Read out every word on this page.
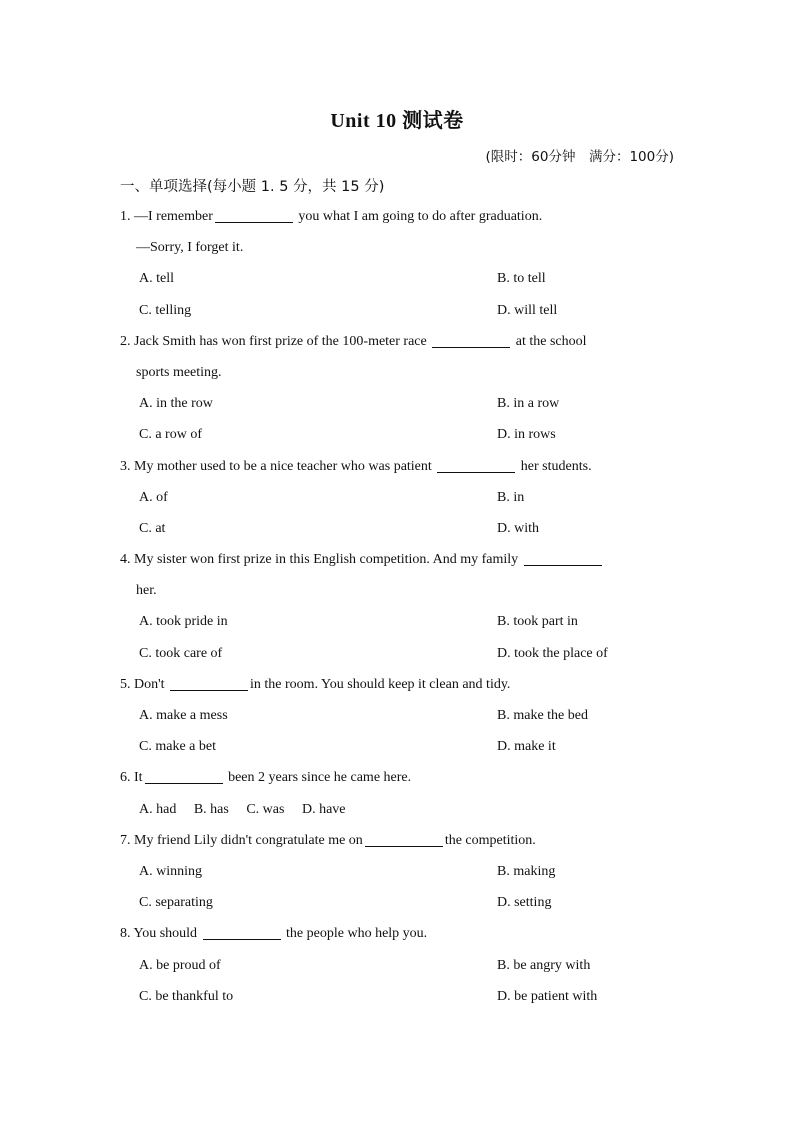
Unit 10 测试卷
(限时：60分钟　满分：100分)
一、单项选择(每小题 1. 5 分，共 15 分)
1. —I remember	you what I am going to do after graduation.
—Sorry, I forget it.
A. tell	B. to tell
C. telling	D. will tell
2. Jack Smith has won first prize of the 100-meter race	at the school
sports meeting.
A. in the row	B. in a row
C. a row of	D. in rows
3. My mother used to be a nice teacher who was patient	her students.
A. of	B. in
C. at	D. with
4. My sister won first prize in this English competition. And my family
her.
A. took pride in	B. took part in
C. took care of	D. took the place of
5. Don't	in the room. You should keep it clean and tidy.
A. make a mess	B. make the bed
C. make a bet	D. make it
6. It	been 2 years since he came here.
A. had B. has C. was D. have
7. My friend Lily didn't congratulate me on	the competition.
A. winning	B. making
C. separating	D. setting
8. You should	the people who help you.
A. be proud of	B. be angry with
C. be thankful to	D. be patient with
